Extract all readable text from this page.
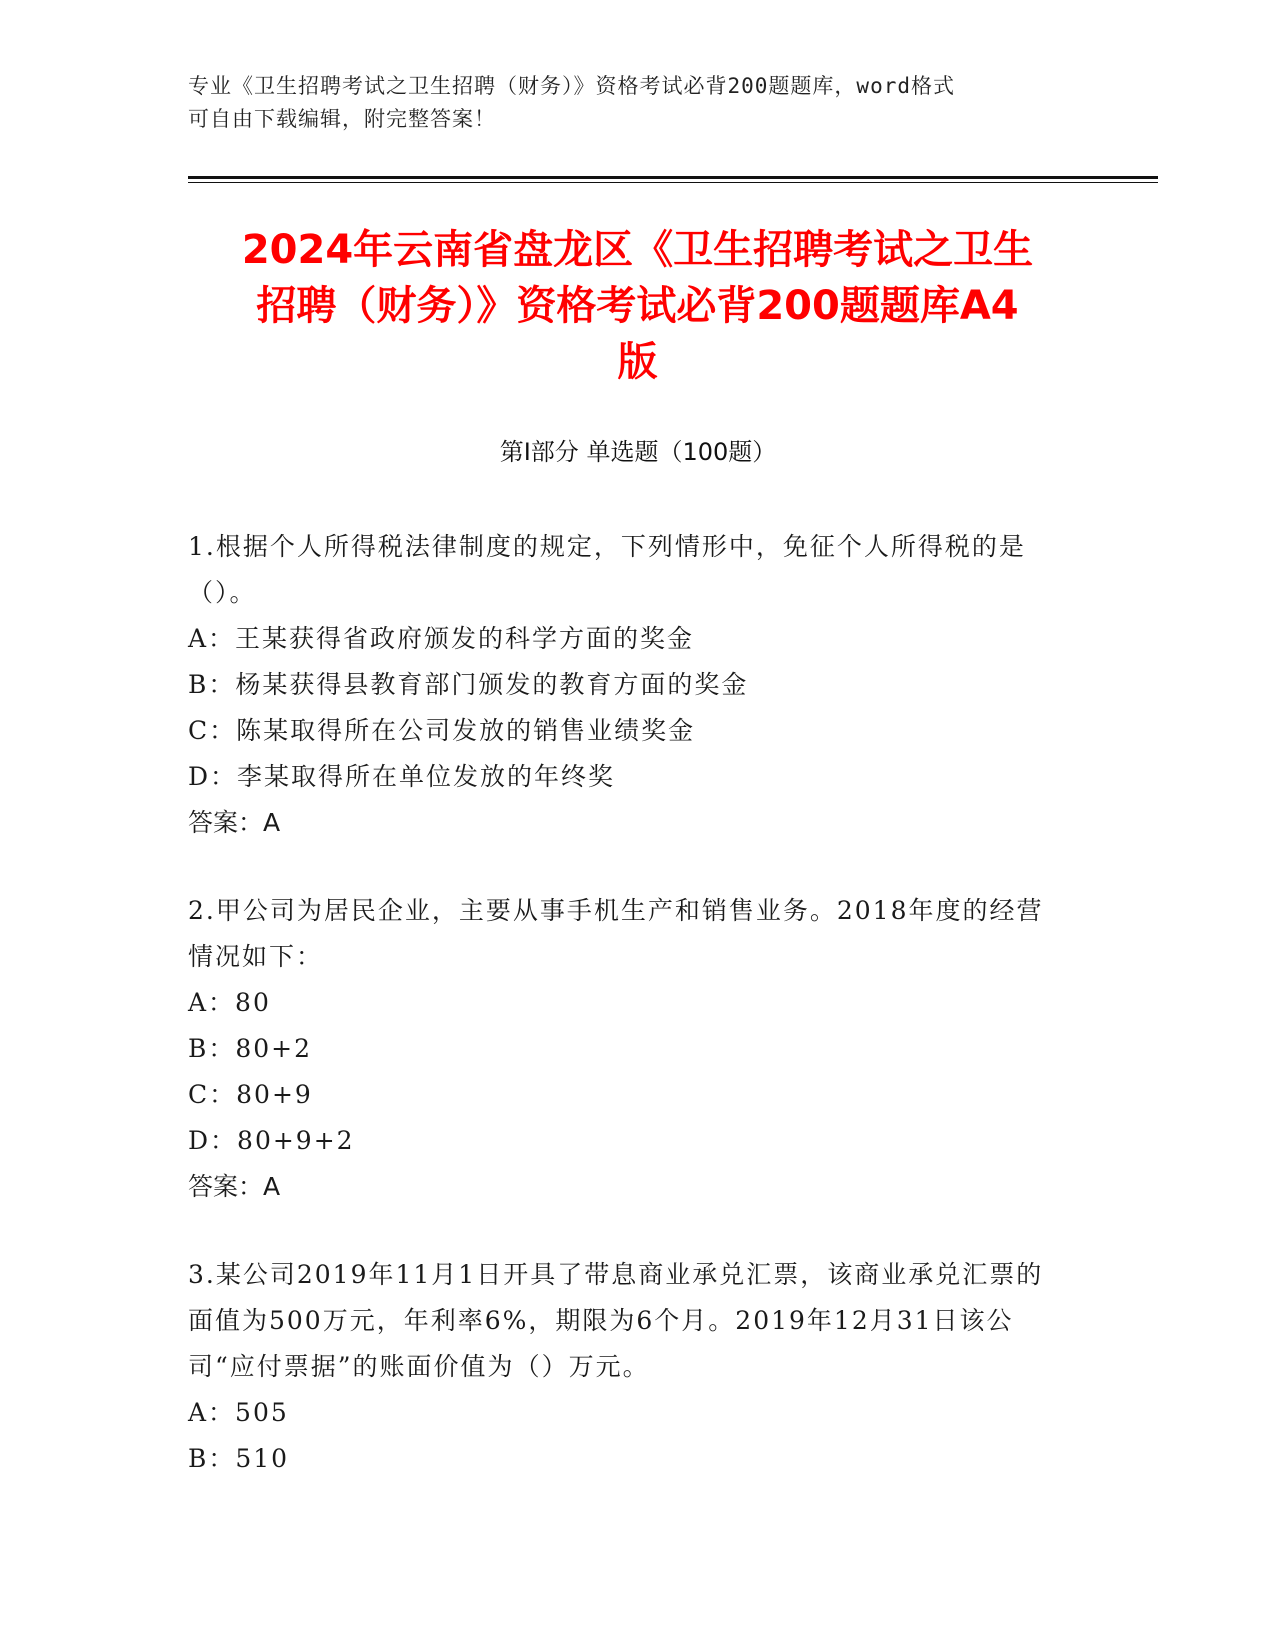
专业《卫生招聘考试之卫生招聘（财务）》资格考试必背200题题库，word格式
可自由下载编辑，附完整答案！
2024年云南省盘龙区《卫生招聘考试之卫生
招聘（财务）》资格考试必背200题题库A4
版
第I部分 单选题（100题）

1.根据个人所得税法律制度的规定，下列情形中，免征个人所得税的是（）。

A：王某获得省政府颁发的科学方面的奖金

B：杨某获得县教育部门颁发的教育方面的奖金

C：陈某取得所在公司发放的销售业绩奖金

D：李某取得所在单位发放的年终奖

答案：A

2.甲公司为居民企业，主要从事手机生产和销售业务。2018年度的经营情况如下：

A：80

B：80+2

C：80+9

D：80+9+2

答案：A

3.某公司2019年11月1日开具了带息商业承兑汇票，该商业承兑汇票的面值为500万元，年利率6%，期限为6个月。2019年12月31日该公司“应付票据”的账面价值为（）万元。

A：505

B：510
